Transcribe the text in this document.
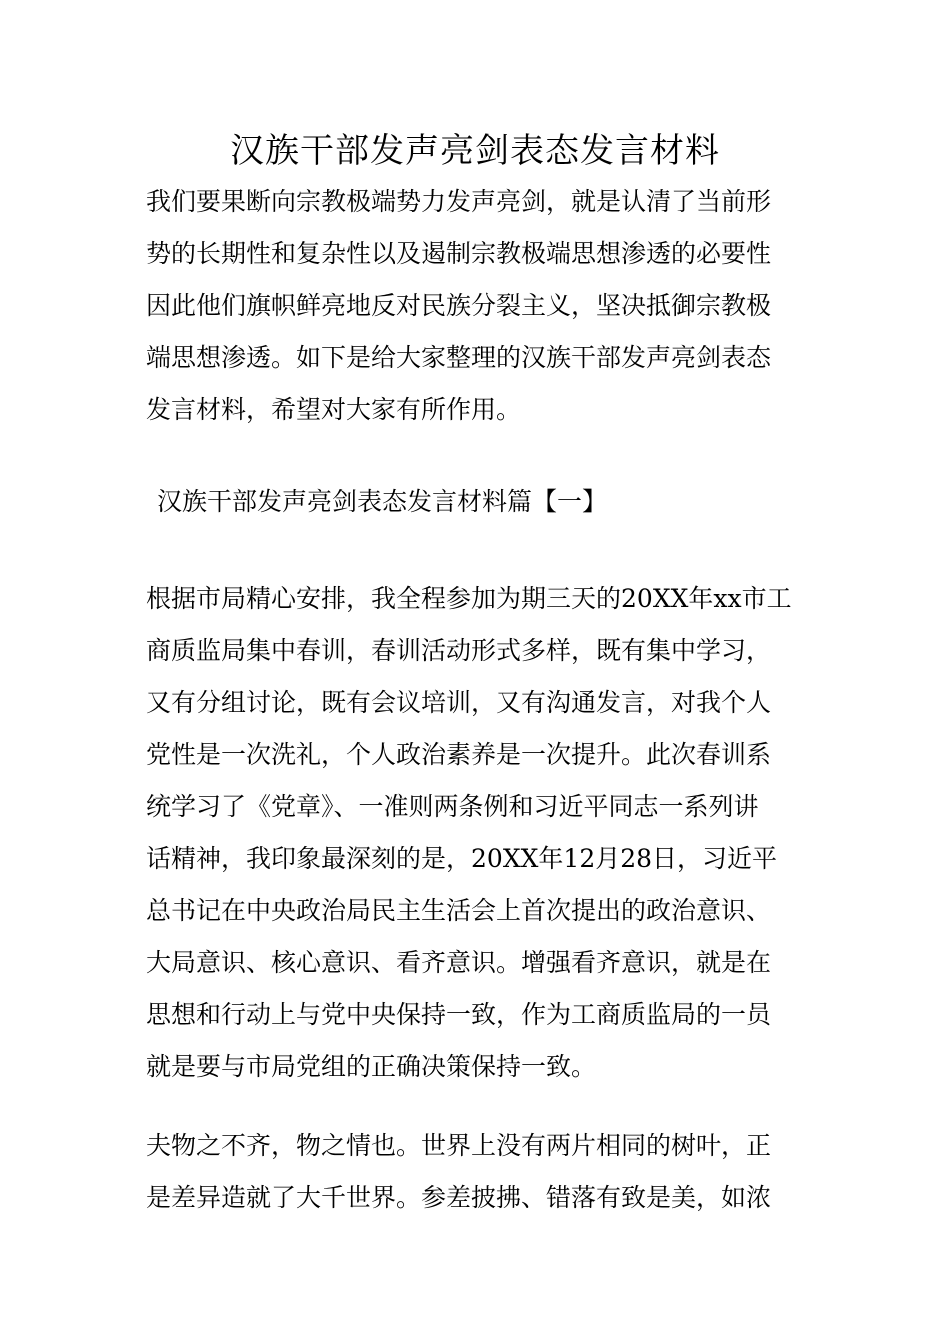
汉族干部发声亮剑表态发言材料
我们要果断向宗教极端势力发声亮剑，就是认清了当前形
势的长期性和复杂性以及遏制宗教极端思想渗透的必要性
因此他们旗帜鲜亮地反对民族分裂主义，坚决抵御宗教极
端思想渗透。如下是给大家整理的汉族干部发声亮剑表态
发言材料，希望对大家有所作用。
汉族干部发声亮剑表态发言材料篇【一】
根据市局精心安排，我全程参加为期三天的20XX年xx市工
商质监局集中春训，春训活动形式多样，既有集中学习，
又有分组讨论，既有会议培训，又有沟通发言，对我个人
党性是一次洗礼，个人政治素养是一次提升。此次春训系
统学习了《党章》、一准则两条例和习近平同志一系列讲
话精神，我印象最深刻的是，20XX年12月28日，习近平
总书记在中央政治局民主生活会上首次提出的政治意识、
大局意识、核心意识、看齐意识。增强看齐意识，就是在
思想和行动上与党中央保持一致，作为工商质监局的一员
就是要与市局党组的正确决策保持一致。
夫物之不齐，物之情也。世界上没有两片相同的树叶，正
是差异造就了大千世界。参差披拂、错落有致是美，如浓
